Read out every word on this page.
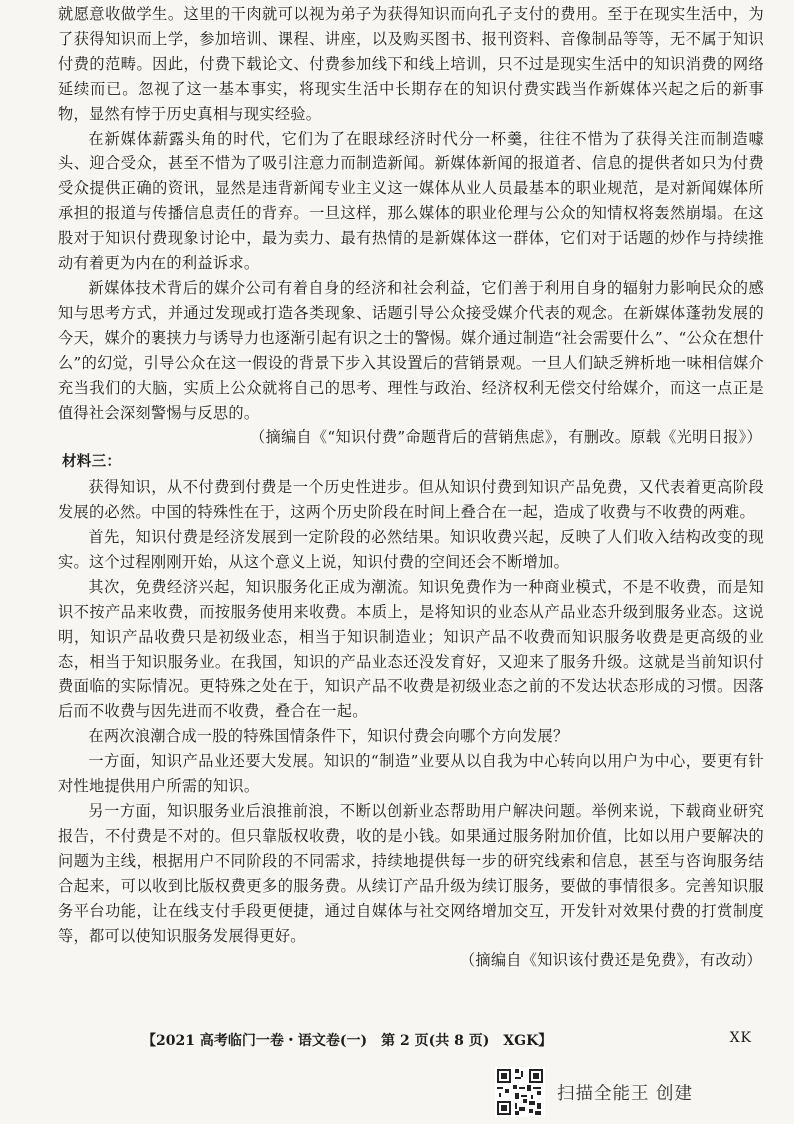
就愿意收做学生。这里的干肉就可以视为弟子为获得知识而向孔子支付的费用。至于在现实生活中，为了获得知识而上学，参加培训、课程、讲座，以及购买图书、报刊资料、音像制品等等，无不属于知识付费的范畴。因此，付费下载论文、付费参加线下和线上培训，只不过是现实生活中的知识消费的网络延续而已。忽视了这一基本事实，将现实生活中长期存在的知识付费实践当作新媒体兴起之后的新事物，显然有悖于历史真相与现实经验。

在新媒体薪露头角的时代，它们为了在眼球经济时代分一杯羹，往往不惜为了获得关注而制造噱头、迎合受众，甚至不惜为了吸引注意力而制造新闻。新媒体新闻的报道者、信息的提供者如只为付费受众提供正确的资讯，显然是违背新闻专业主义这一媒体从业人员最基本的职业规范，是对新闻媒体所承担的报道与传播信息责任的背弃。一旦这样，那么媒体的职业伦理与公众的知情权将轰然崩塌。在这股对于知识付费现象讨论中，最为卖力、最有热情的是新媒体这一群体，它们对于话题的炒作与持续推动有着更为内在的利益诉求。

新媒体技术背后的媒介公司有着自身的经济和社会利益，它们善于利用自身的辐射力影响民众的感知与思考方式，并通过发现或打造各类现象、话题引导公众接受媒介代表的观念。在新媒体蓬勃发展的今天，媒介的裹挟力与诱导力也逐渐引起有识之士的警惕。媒介通过制造“社会需要什么”、“公众在想什么”的幻觉，引导公众在这一假设的背景下步入其设置后的营销景观。一旦人们缺乏辨析地一味相信媒介充当我们的大脑，实质上公众就将自己的思考、理性与政治、经济权利无偿交付给媒介，而这一点正是值得社会深刻警惕与反思的。

（摘编自《“知识付费”命题背后的营销焦虑》，有删改。原载《光明日报》）

材料三：

获得知识，从不付费到付费是一个历史性进步。但从知识付费到知识产品免费，又代表着更高阶段发展的必然。中国的特殊性在于，这两个历史阶段在时间上叠合在一起，造成了收费与不收费的两难。

首先，知识付费是经济发展到一定阶段的必然结果。知识收费兴起，反映了人们收入结构改变的现实。这个过程刚刚开始，从这个意义上说，知识付费的空间还会不断增加。

其次，免费经济兴起，知识服务化正成为潮流。知识免费作为一种商业模式，不是不收费，而是知识不按产品来收费，而按服务使用来收费。本质上，是将知识的业态从产品业态升级到服务业态。这说明，知识产品收费只是初级业态，相当于知识制造业；知识产品不收费而知识服务收费是更高级的业态，相当于知识服务业。在我国，知识的产品业态还没发育好，又迎来了服务升级。这就是当前知识付费面临的实际情况。更特殊之处在于，知识产品不收费是初级业态之前的不发达状态形成的习惯。因落后而不收费与因先进而不收费，叠合在一起。

在两次浪潮合成一股的特殊国情条件下，知识付费会向哪个方向发展？

一方面，知识产品业还要大发展。知识的“制造”业要从以自我为中心转向以用户为中心，要更有针对性地提供用户所需的知识。

另一方面，知识服务业后浪推前浪，不断以创新业态帮助用户解决问题。举例来说，下载商业研究报告，不付费是不对的。但只靠版权收费，收的是小钱。如果通过服务附加价值，比如以用户要解决的问题为主线，根据用户不同阶段的不同需求，持续地提供每一步的研究线索和信息，甚至与咨询服务结合起来，可以收到比版权费更多的服务费。从续订产品升级为续订服务，要做的事情很多。完善知识服务平台功能，让在线支付手段更便捷，通过自媒体与社交网络增加交互，开发针对效果付费的打赏制度等，都可以使知识服务发展得更好。

（摘编自《知识该付费还是免费》，有改动）

【2021 高考临门一卷・语文卷(一)　第 2 页(共 8 页)　XGK】	XK
扫描全能王 创建
